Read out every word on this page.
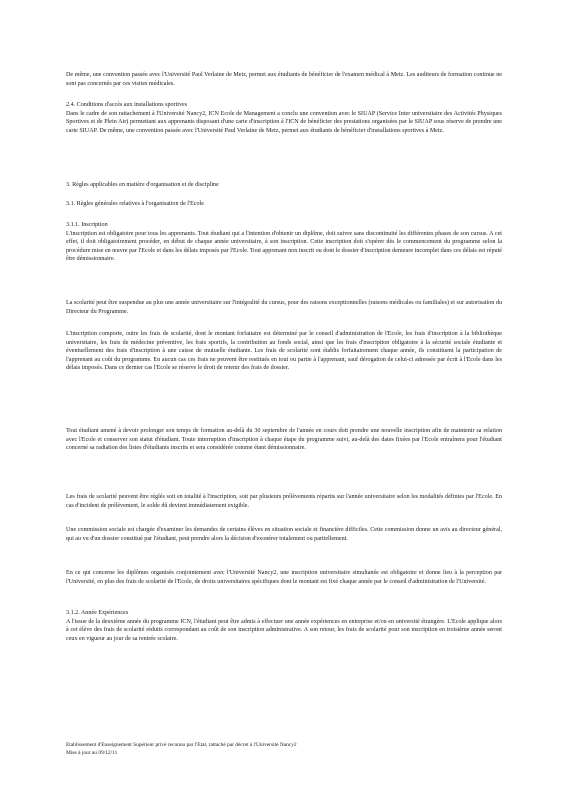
De même, une convention passée avec l'Université Paul Verlaine de Metz, permet aux étudiants de bénéficier de l'examen médical à Metz. Les auditeurs de formation continue ne sont pas concernés par ces visites médicales.

2.4. Conditions d'accès aux installations sportives

Dans le cadre de son rattachement à l'Université Nancy2, ICN Ecole de Management a conclu une convention avec le SIUAP (Service Inter universitaire des Activités Physiques Sportives et de Plein Air) permettant aux apprenants disposant d'une carte d'inscription à l'ICN de bénéficier des prestations organisées par le SIUAP sous réserve de prendre une carte SIUAP. De même, une convention passée avec l'Université Paul Verlaine de Metz, permet aux étudiants de bénéficier d'installations sportives à Metz.

3. Règles applicables en matière d'organisation et de discipline

3.1. Règles générales relatives à l'organisation de l'Ecole

3.1.1. Inscription

L'inscription est obligatoire pour tous les apprenants. Tout étudiant qui a l'intention d'obtenir un diplôme, doit suivre sans discontinuité les différentes phases de son cursus. A cet effet, il doit obligatoirement procéder, en début de chaque année universitaire, à son inscription. Cette inscription doit s'opérer dès le commencement du programme selon la procédure mise en œuvre par l'Ecole et dans les délais imposés par l'Ecole. Tout apprenant non inscrit ou dont le dossier d'inscription demeure incomplet dans ces délais est réputé être démissionnaire.

La scolarité peut être suspendue au plus une année universitaire sur l'intégralité du cursus, pour des raisons exceptionnelles (raisons médicales ou familiales) et sur autorisation du Directeur du Programme.

L'inscription comporte, outre les frais de scolarité, dont le montant forfaitaire est déterminé par le conseil d'administration de l'Ecole, les frais d'inscription à la bibliothèque universitaire, les frais de médecine préventive, les frais sportifs, la contribution au fonds social, ainsi que les frais d'inscription obligatoire à la sécurité sociale étudiante et éventuellement des frais d'inscription à une caisse de mutuelle étudiante. Les frais de scolarité sont établis forfaitairement chaque année, ils constituent la participation de l'apprenant au coût du programme. En aucun cas ces frais ne peuvent être restitués en tout ou partie à l'apprenant, sauf dérogation de celui-ci adressée par écrit à l'Ecole dans les délais imposés. Dans ce dernier cas l'Ecole se réserve le droit de retenir des frais de dossier.

Tout étudiant amené à devoir prolonger son temps de formation au-delà du 30 septembre de l'année en cours doit prendre une nouvelle inscription afin de maintenir sa relation avec l'Ecole et conserver son statut d'étudiant. Toute interruption d'inscription à chaque étape du programme suivi, au-delà des dates fixées par l'Ecole entraînera pour l'étudiant concerné sa radiation des listes d'étudiants inscrits et sera considérée comme étant démissionnaire.

Les frais de scolarité peuvent être réglés soit en totalité à l'inscription, soit par plusieurs prélèvements répartis sur l'année universitaire selon les modalités définies par l'Ecole. En cas d'incident de prélèvement, le solde dû devient immédiatement exigible.

Une commission sociale est chargée d'examiner les demandes de certains élèves en situation sociale et financière difficiles. Cette commission donne un avis au directeur général, qui au vu d'un dossier constitué par l'étudiant, peut prendre alors la décision d'exonérer totalement ou partiellement.

En ce qui concerne les diplômes organisés conjointement avec l'Université Nancy2, une inscription universitaire simultanée est obligatoire et donne lieu à la perception par l'Université, en plus des frais de scolarité de l'Ecole, de droits universitaires spécifiques dont le montant est fixé chaque année par le conseil d'administration de l'Université.

3.1.2. Année Expériences

A l'issue de la deuxième année du programme ICN, l'étudiant peut être admis à effectuer une année expériences en entreprise et/ou en université étrangère. L'Ecole applique alors à cet élève des frais de scolarité réduits correspondant au coût de son inscription administrative. A son retour, les frais de scolarité pour son inscription en troisième année seront ceux en vigueur au jour de sa rentrée scolaire.

Etablissement d'Enseignement Supérieur privé reconnu par l'Etat, rattaché par décret à l'Université Nancy2
Mise à jour au 09/12/11
